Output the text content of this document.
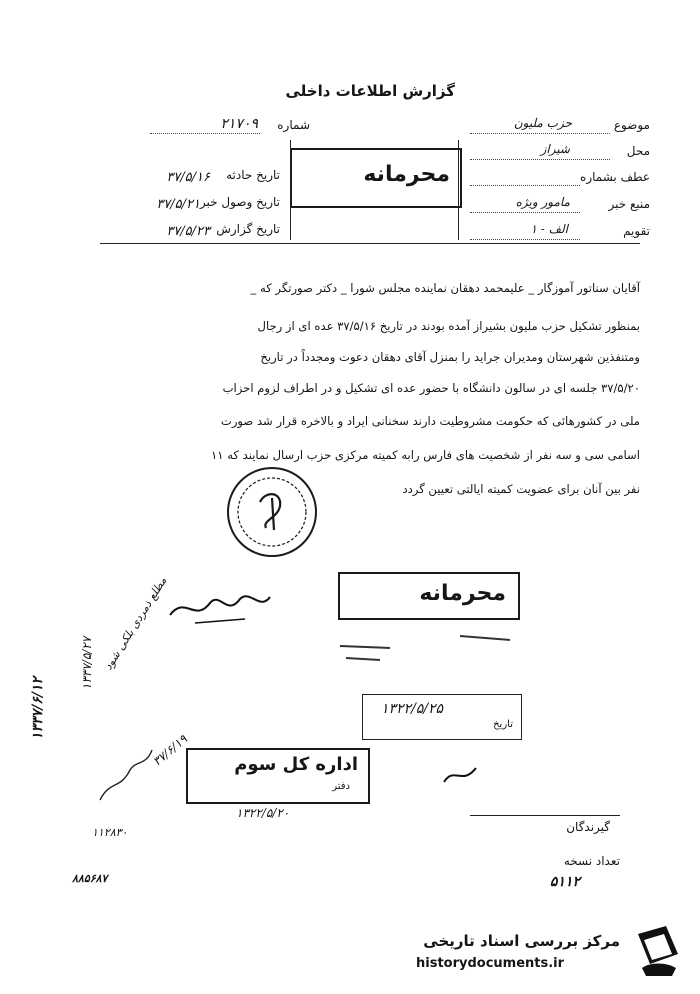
گزارش اطلاعات داخلی
موضوع
حزب ملیون
محل
شیراز
عطف بشماره
منبع خبر
مامور ویژه
تقویم
الف - ۱
شماره
۲۱۷۰۹
تاریخ حادثه
۳۷/۵/۱۶
تاریخ وصول خبر
۳۷/۵/۲۱
تاریخ گزارش
۳۷/۵/۲۳
محرمانه
آقایان سناتور آموزگار _ علیمحمد دهقان نماینده مجلس شورا _ دکتر صورتگر که _
بمنظور تشکیل حزب ملیون بشیراز آمده بودند در تاریخ ۳۷/۵/۱۶ عده ای از رجال
ومتنفذین شهرستان ومدیران جراید را بمنزل آقای دهقان دعوت ومجدداً در تاریخ
۳۷/۵/۲۰ جلسه ای در سالون دانشگاه با حضور عده ای تشکیل و در اطراف لزوم احزاب
ملی در کشورهائی که حکومت مشروطیت دارند سخنانی ایراد و بالاخره قرار شد صورت
اسامی سی و سه نفر از شخصیت های فارس رابه کمیته مرکزی حزب ارسال نمایند که ۱۱
نفر بین آنان برای عضویت کمیته ایالتی تعیین گردد
محرمانه
۱۳۲۲/۵/۲۵
تاریخ
اداره کل سوم
دفتر
۱۳۲۲/۵/۲۰
۱۳۳۷/۶/۱۲
۱۳۳۷/۵/۲۷ مطلع ذمردی بلکی شود
۳۷/۶/۱۹
۱۱۲۸۳۰
۸۸۵۶۸۷
گیرندگان
تعداد نسخه
۵۱۱۲
مرکز بررسی اسناد تاریخی
historydocuments.ir
